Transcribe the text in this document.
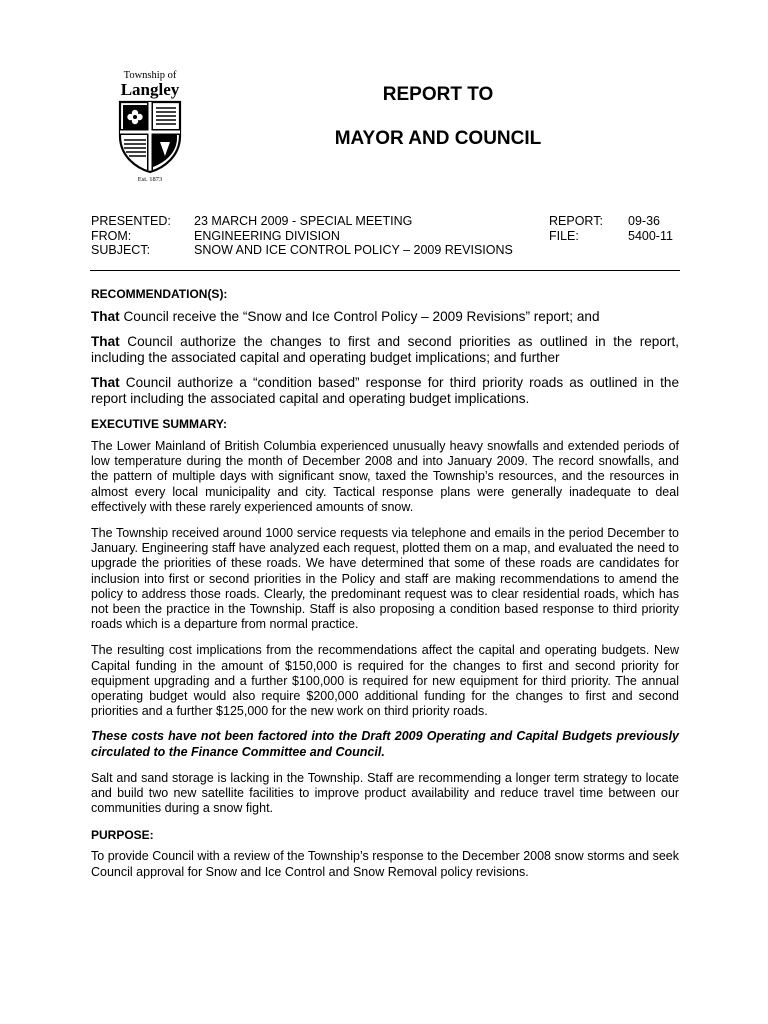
Township of
Langley
Est. 1873
REPORT TO
MAYOR AND COUNCIL
PRESENTED:
FROM:
SUBJECT:
23 MARCH 2009 - SPECIAL MEETING
ENGINEERING DIVISION
SNOW AND ICE CONTROL POLICY – 2009 REVISIONS
REPORT:
FILE:
09-36
5400-11

RECOMMENDATION(S):

That Council receive the “Snow and Ice Control Policy – 2009 Revisions” report; and

That Council authorize the changes to first and second priorities as outlined in the report, including the associated capital and operating budget implications; and further

That Council authorize a “condition based” response for third priority roads as outlined in the report including the associated capital and operating budget implications.

EXECUTIVE SUMMARY:

The Lower Mainland of British Columbia experienced unusually heavy snowfalls and extended periods of low temperature during the month of December 2008 and into January 2009. The record snowfalls, and the pattern of multiple days with significant snow, taxed the Township’s resources, and the resources in almost every local municipality and city. Tactical response plans were generally inadequate to deal effectively with these rarely experienced amounts of snow.

The Township received around 1000 service requests via telephone and emails in the period December to January. Engineering staff have analyzed each request, plotted them on a map, and evaluated the need to upgrade the priorities of these roads. We have determined that some of these roads are candidates for inclusion into first or second priorities in the Policy and staff are making recommendations to amend the policy to address those roads. Clearly, the predominant request was to clear residential roads, which has not been the practice in the Township. Staff is also proposing a condition based response to third priority roads which is a departure from normal practice.

The resulting cost implications from the recommendations affect the capital and operating budgets. New Capital funding in the amount of $150,000 is required for the changes to first and second priority for equipment upgrading and a further $100,000 is required for new equipment for third priority. The annual operating budget would also require $200,000 additional funding for the changes to first and second priorities and a further $125,000 for the new work on third priority roads.

These costs have not been factored into the Draft 2009 Operating and Capital Budgets previously circulated to the Finance Committee and Council.

Salt and sand storage is lacking in the Township. Staff are recommending a longer term strategy to locate and build two new satellite facilities to improve product availability and reduce travel time between our communities during a snow fight.

PURPOSE:

To provide Council with a review of the Township’s response to the December 2008 snow storms and seek Council approval for Snow and Ice Control and Snow Removal policy revisions.
